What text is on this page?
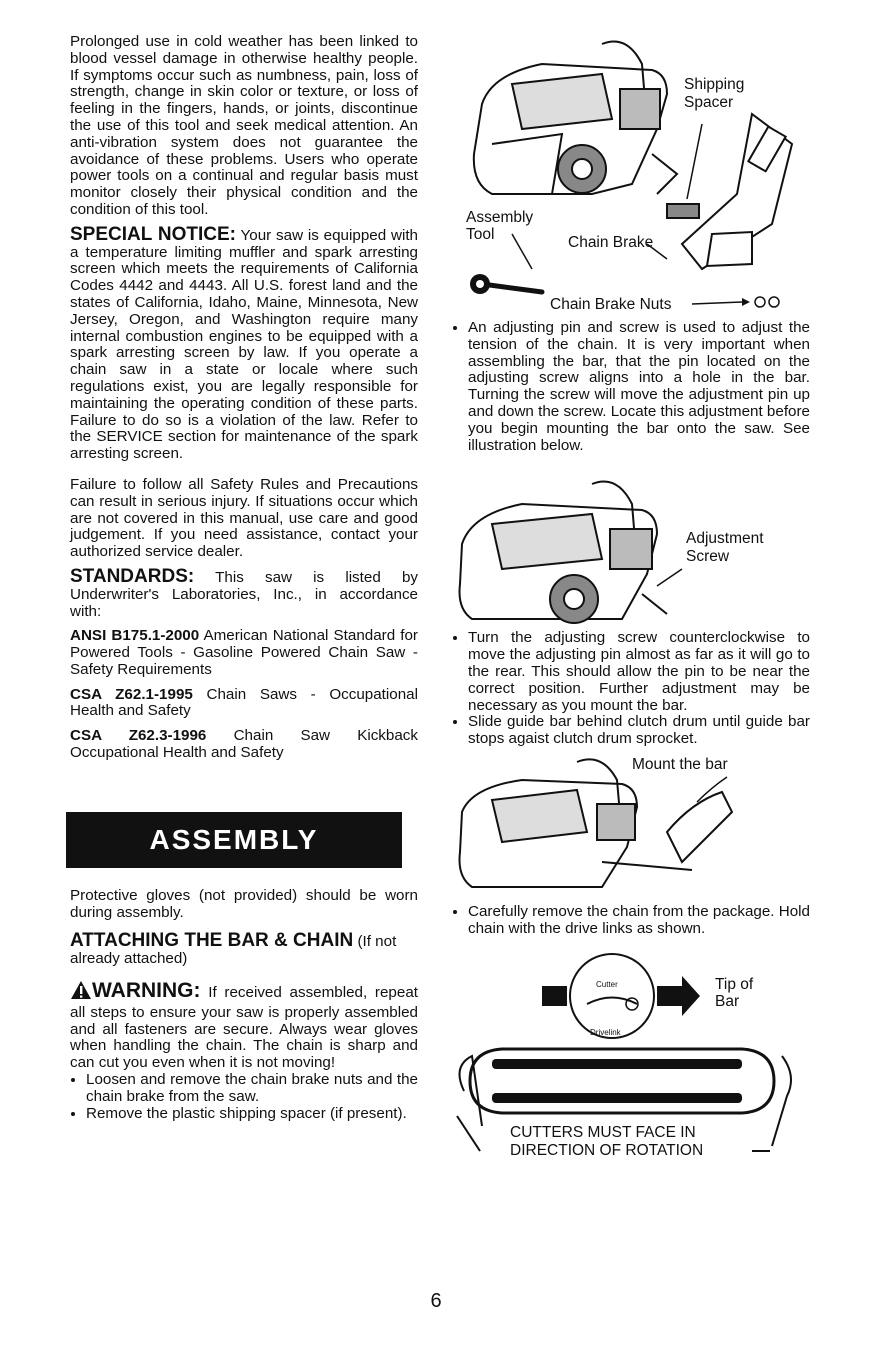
Prolonged use in cold weather has been linked to blood vessel damage in otherwise healthy people. If symptoms occur such as numbness, pain, loss of strength, change in skin color or texture, or loss of feeling in the fingers, hands, or joints, discontinue the use of this tool and seek medical attention. An anti-vibration system does not guarantee the avoidance of these problems. Users who operate power tools on a continual and regular basis must monitor closely their physical condition and the condition of this tool.

SPECIAL NOTICE: Your saw is equipped with a temperature limiting muffler and spark arresting screen which meets the requirements of California Codes 4442 and 4443. All U.S. forest land and the states of California, Idaho, Maine, Minnesota, New Jersey, Oregon, and Washington require many internal combustion engines to be equipped with a spark arresting screen by law. If you operate a chain saw in a state or locale where such regulations exist, you are legally responsible for maintaining the operating condition of these parts. Failure to do so is a violation of the law. Refer to the SERVICE section for maintenance of the spark arresting screen.

Failure to follow all Safety Rules and Precautions can result in serious injury. If situations occur which are not covered in this manual, use care and good judgement. If you need assistance, contact your authorized service dealer.

STANDARDS: This saw is listed by Underwriter's Laboratories, Inc., in accordance with:

ANSI B175.1-2000 American National Standard for Powered Tools - Gasoline Powered Chain Saw - Safety Requirements

CSA Z62.1-1995 Chain Saws - Occupational Health and Safety

CSA Z62.3-1996 Chain Saw Kickback Occupational Health and Safety

ASSEMBLY

Protective gloves (not provided) should be worn during assembly.

ATTACHING THE BAR & CHAIN (If not already attached)

WARNING: If received assembled, repeat all steps to ensure your saw is properly assembled and all fasteners are secure. Always wear gloves when handling the chain. The chain is sharp and can cut you even when it is not moving!

• Loosen and remove the chain brake nuts and the chain brake from the saw.
• Remove the plastic shipping spacer (if present).
Shipping
Spacer
Assembly
Tool	Chain Brake
Chain Brake Nuts
• An adjusting pin and screw is used to adjust the tension of the chain. It is very important when assembling the bar, that the pin located on the adjusting screw aligns into a hole in the bar. Turning the screw will move the adjustment pin up and down the screw. Locate this adjustment before you begin mounting the bar onto the saw. See illustration below.
Adjustment
Screw
• Turn the adjusting screw counterclockwise to move the adjusting pin almost as far as it will go to the rear. This should allow the pin to be near the correct position. Further adjustment may be necessary as you mount the bar.
• Slide guide bar behind clutch drum until guide bar stops agaist clutch drum sprocket.
Mount the bar
• Carefully remove the chain from the package. Hold chain with the drive links as shown.
Cutter
Drivelink
Tip of
Bar
CUTTERS MUST FACE IN
DIRECTION OF ROTATION
6
